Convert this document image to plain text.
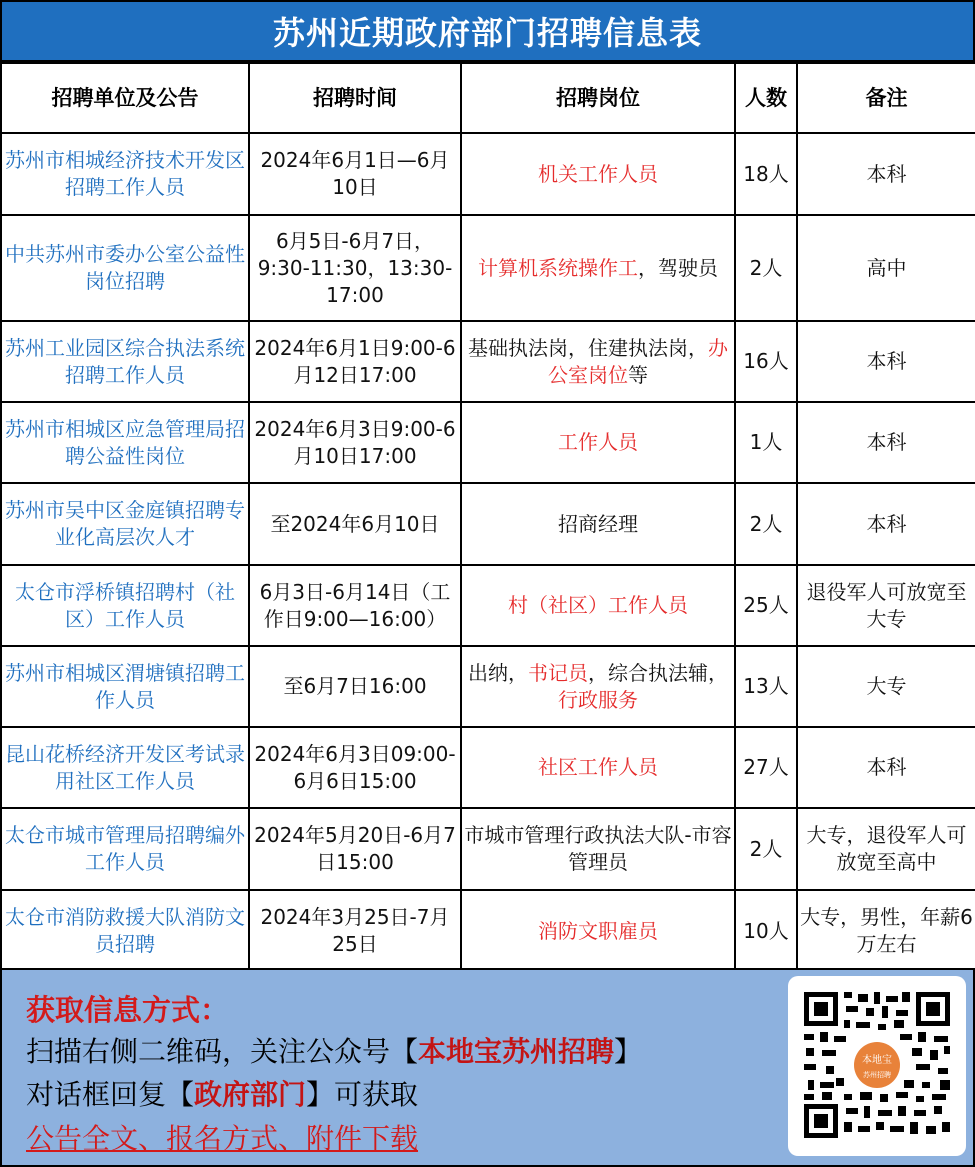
苏州近期政府部门招聘信息表
招聘单位及公告	招聘时间	招聘岗位	人数	备注
苏州市相城经济技术开发区招聘工作人员	2024年6月1日—6月10日	机关工作人员	18人	本科
中共苏州市委办公室公益性岗位招聘	6月5日-6月7日，9:30-11:30，13:30-17:00	计算机系统操作工，驾驶员	2人	高中
苏州工业园区综合执法系统招聘工作人员	2024年6月1日9:00-6月12日17:00	基础执法岗，住建执法岗，办公室岗位等	16人	本科
苏州市相城区应急管理局招聘公益性岗位	2024年6月3日9:00-6月10日17:00	工作人员	1人	本科
苏州市吴中区金庭镇招聘专业化高层次人才	至2024年6月10日	招商经理	2人	本科
太仓市浮桥镇招聘村（社区）工作人员	6月3日-6月14日（工作日9:00—16:00）	村（社区）工作人员	25人	退役军人可放宽至大专
苏州市相城区渭塘镇招聘工作人员	至6月7日16:00	出纳，书记员，综合执法辅，行政服务	13人	大专
昆山花桥经济开发区考试录用社区工作人员	2024年6月3日09:00-6月6日15:00	社区工作人员	27人	本科
太仓市城市管理局招聘编外工作人员	2024年5月20日-6月7日15:00	市城市管理行政执法大队-市容管理员	2人	大专，退役军人可放宽至高中
太仓市消防救援大队消防文员招聘	2024年3月25日-7月25日	消防文职雇员	10人	大专，男性，年薪6万左右
获取信息方式：
扫描右侧二维码，关注公众号【本地宝苏州招聘】
对话框回复【政府部门】可获取
公告全文、报名方式、附件下载
本地宝
苏州招聘
